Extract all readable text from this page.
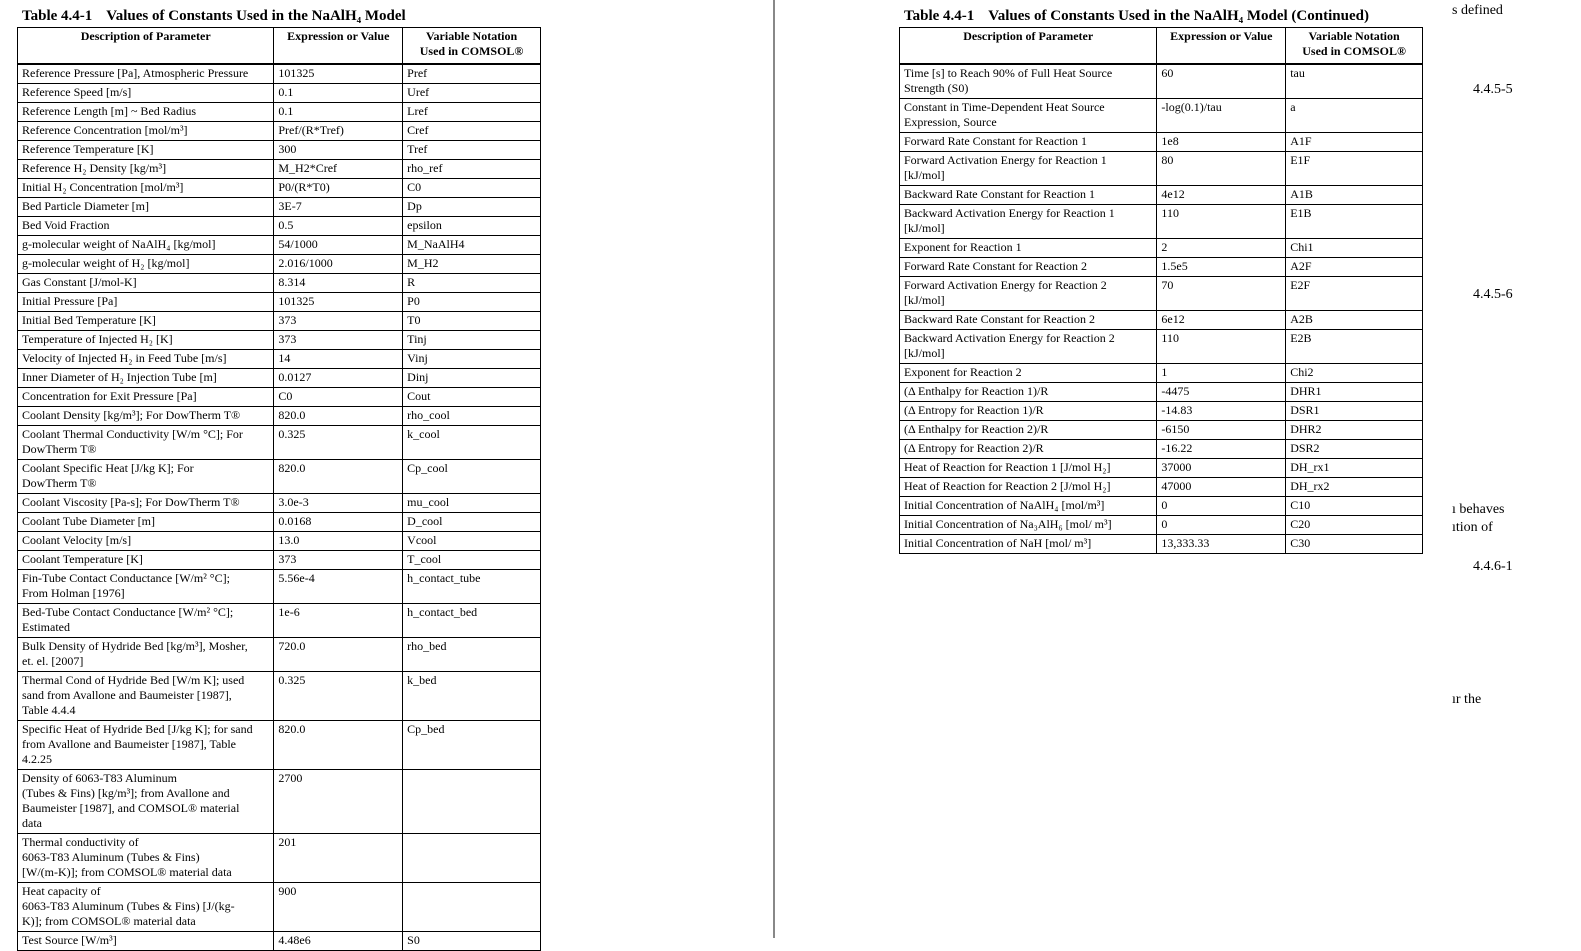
Table 4.4-1 Values of Constants Used in the NaAlH₄ Model
Description of Parameter	Expression or Value	Variable Notation
Used in COMSOL®
Reference Pressure [Pa], Atmospheric Pressure	101325	Pref
Reference Speed [m/s]	0.1	Uref
Reference Length [m] ~ Bed Radius	0.1	Lref
Reference Concentration [mol/m³]	Pref/(R*Tref)	Cref
Reference Temperature [K]	300	Tref
Reference H₂ Density [kg/m³]	M_H2*Cref	rho_ref
Initial H₂ Concentration [mol/m³]	P0/(R*T0)	C0
Bed Particle Diameter [m]	3E-7	Dp
Bed Void Fraction	0.5	epsilon
g-molecular weight of NaAlH₄ [kg/mol]	54/1000	M_NaAlH4
g-molecular weight of H₂ [kg/mol]	2.016/1000	M_H2
Gas Constant [J/mol-K]	8.314	R
Initial Pressure [Pa]	101325	P0
Initial Bed Temperature [K]	373	T0
Temperature of Injected H₂ [K]	373	Tinj
Velocity of Injected H₂ in Feed Tube [m/s]	14	Vinj
Inner Diameter of H₂ Injection Tube [m]	0.0127	Dinj
Concentration for Exit Pressure [Pa]	C0	Cout
Coolant Density [kg/m³]; For DowTherm T®	820.0	rho_cool
Coolant Thermal Conductivity [W/m °C]; For
DowTherm T®	0.325	k_cool
Coolant Specific Heat [J/kg K]; For
DowTherm T®	820.0	Cp_cool
Coolant Viscosity [Pa-s]; For DowTherm T®	3.0e-3	mu_cool
Coolant Tube Diameter [m]	0.0168	D_cool
Coolant Velocity [m/s]	13.0	Vcool
Coolant Temperature [K]	373	T_cool
Fin-Tube Contact Conductance [W/m² °C];
From Holman [1976]	5.56e-4	h_contact_tube
Bed-Tube Contact Conductance [W/m² °C];
Estimated	1e-6	h_contact_bed
Bulk Density of Hydride Bed [kg/m³], Mosher,
et. el. [2007]	720.0	rho_bed
Thermal Cond of Hydride Bed [W/m K]; used
sand from Avallone and Baumeister [1987],
Table 4.4.4	0.325	k_bed
Specific Heat of Hydride Bed [J/kg K]; for sand
from Avallone and Baumeister [1987], Table
4.2.25	820.0	Cp_bed
Density of 6063-T83 Aluminum
(Tubes & Fins) [kg/m³]; from Avallone and
Baumeister [1987], and COMSOL® material
data	2700	
Thermal conductivity of
6063-T83 Aluminum (Tubes & Fins)
[W/(m-K)]; from COMSOL® material data	201	
Heat capacity of
6063-T83 Aluminum (Tubes & Fins) [J/(kg-
K)]; from COMSOL® material data	900	
Test Source [W/m³]	4.48e6	S0
Table 4.4-1 Values of Constants Used in the NaAlH₄ Model (Continued)
Description of Parameter	Expression or Value	Variable Notation
Used in COMSOL®
Time [s] to Reach 90% of Full Heat Source
Strength (S0)	60	tau
Constant in Time-Dependent Heat Source
Expression, Source	-log(0.1)/tau	a
Forward Rate Constant for Reaction 1	1e8	A1F
Forward Activation Energy for Reaction 1
[kJ/mol]	80	E1F
Backward Rate Constant for Reaction 1	4e12	A1B
Backward Activation Energy for Reaction 1
[kJ/mol]	110	E1B
Exponent for Reaction 1	2	Chi1
Forward Rate Constant for Reaction 2	1.5e5	A2F
Forward Activation Energy for Reaction 2
[kJ/mol]	70	E2F
Backward Rate Constant for Reaction 2	6e12	A2B
Backward Activation Energy for Reaction 2
[kJ/mol]	110	E2B
Exponent for Reaction 2	1	Chi2
(Δ Enthalpy for Reaction 1)/R	-4475	DHR1
(Δ Entropy for Reaction 1)/R	-14.83	DSR1
(Δ Enthalpy for Reaction 2)/R	-6150	DHR2
(Δ Entropy for Reaction 2)/R	-16.22	DSR2
Heat of Reaction for Reaction 1 [J/mol H₂]	37000	DH_rx1
Heat of Reaction for Reaction 2 [J/mol H₂]	47000	DH_rx2
Initial Concentration of NaAlH₄ [mol/m³]	0	C10
Initial Concentration of Na₃AlH₆ [mol/ m³]	0	C20
Initial Concentration of NaH [mol/ m³]	13,333.33	C30
s defined
4.4.5-5
4.4.5-6
ı behaves
ıtion of
4.4.6-1
ır the
